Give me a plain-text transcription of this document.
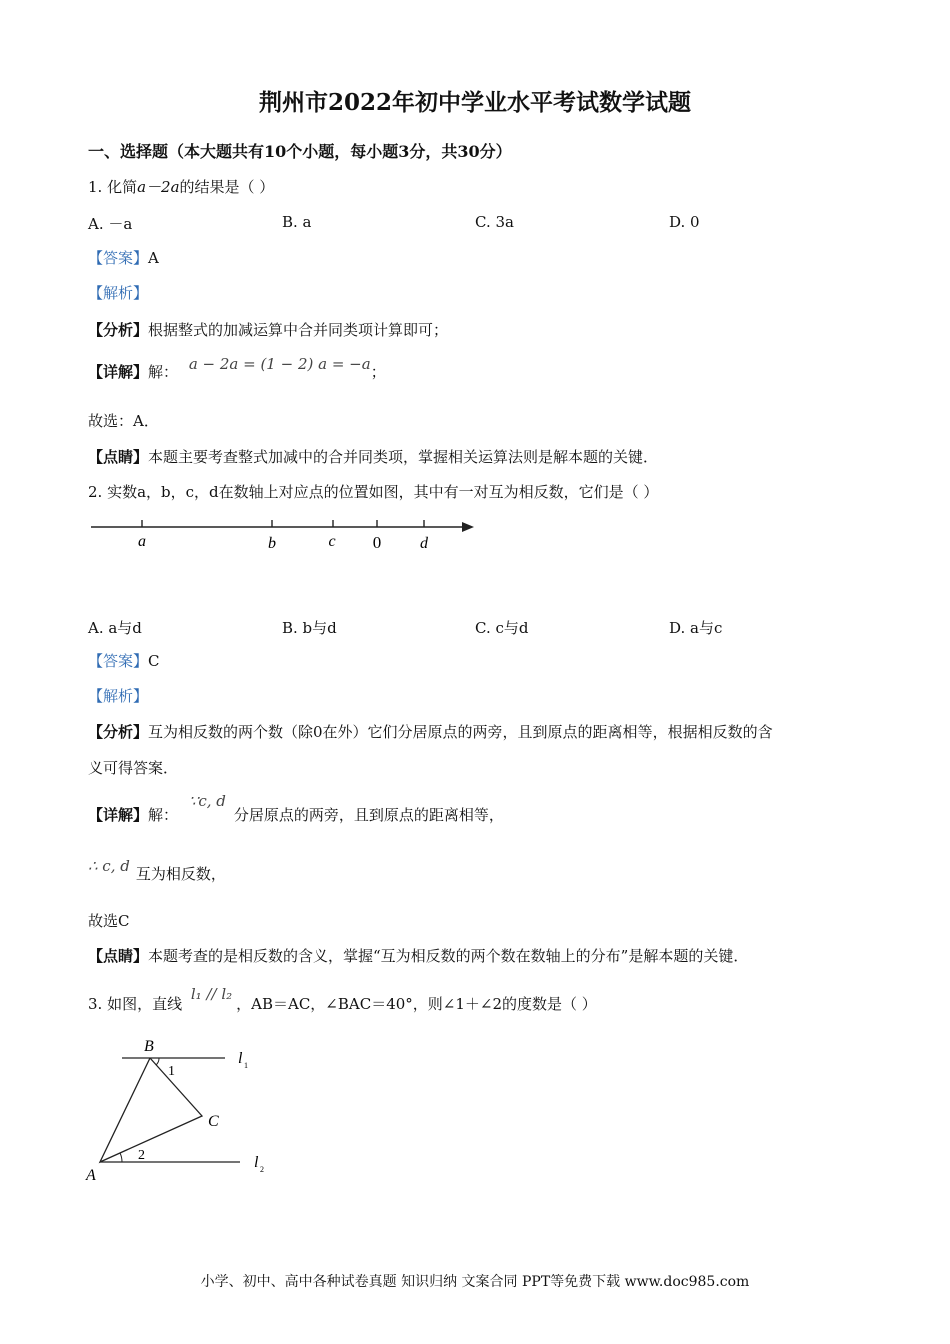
荆州市2022年初中学业水平考试数学试题
一、选择题（本大题共有10个小题，每小题3分，共30分）
1. 化简a－2a的结果是（ ）
A. －a	B. a	C. 3a	D. 0
【答案】A
【解析】
【分析】根据整式的加减运算中合并同类项计算即可；
【详解】解： a − 2a = (1 − 2) a = −a；
故选：A．
【点睛】本题主要考查整式加减中的合并同类项，掌握相关运算法则是解本题的关键．
2. 实数a，b，c，d在数轴上对应点的位置如图，其中有一对互为相反数，它们是（ ）
a	b	c 0 d
A. a与d	B. b与d	C. c与d	D. a与c
【答案】C
【解析】
【分析】互为相反数的两个数（除0在外）它们分居原点的两旁，且到原点的距离相等，根据相反数的含
义可得答案．
【详解】解： ∵c, d分居原点的两旁，且到原点的距离相等，
∴ c, d 互为相反数，
故选C
【点睛】本题考查的是相反数的含义，掌握“互为相反数的两个数在数轴上的分布”是解本题的关键．
3. 如图，直线 l₁ // l₂，AB＝AC，∠BAC＝40°，则∠1＋∠2的度数是（ ）
B
1
C
2
A
l 1
l 2
小学、初中、高中各种试卷真题 知识归纳 文案合同 PPT等免费下载 www.doc985.com
